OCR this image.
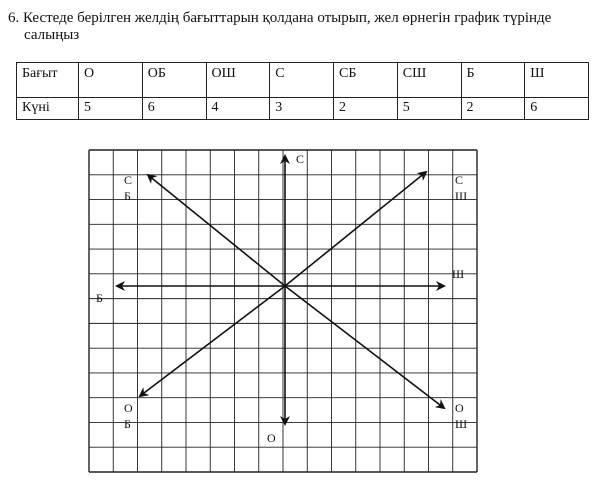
6. Кестеде берілген желдің бағыттарын қолдана отырып, жел өрнегін график түрінде
салыңыз

Бағыт	О	ОБ	ОШ	С	СБ	СШ	Б	Ш
Күні	5	6	4	3	2	5	2	6
С
О
Ш
Б
С
Б
С
Ш
О
Б
О
Ш
